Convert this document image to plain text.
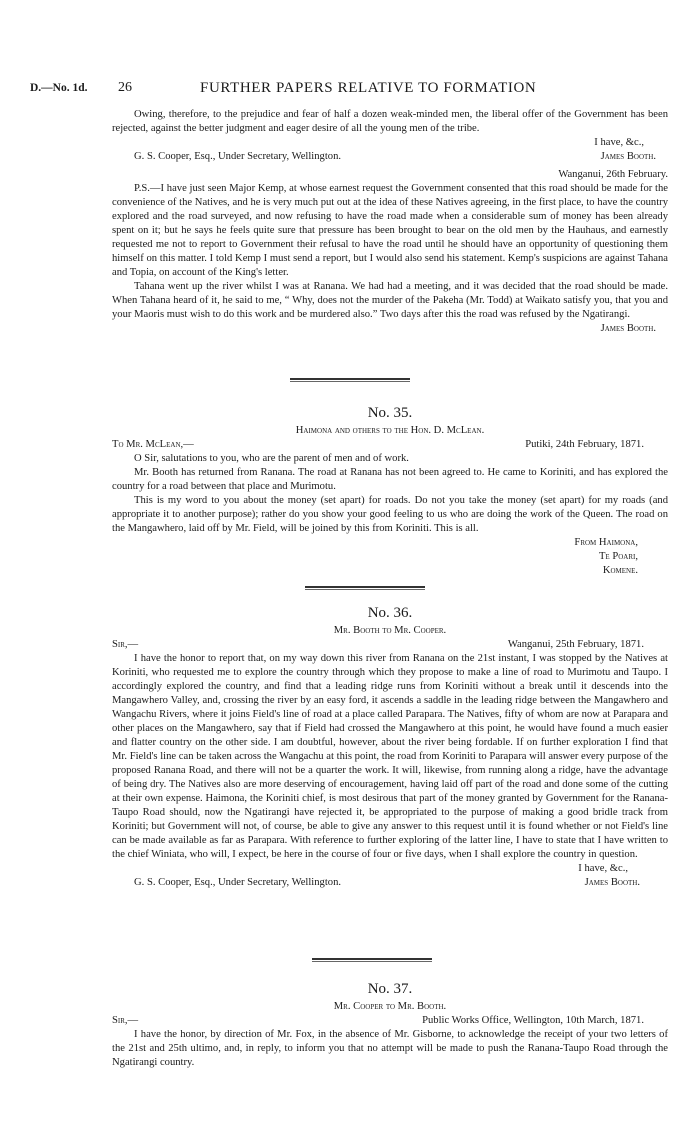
D.—No. 1d. 26	FURTHER PAPERS RELATIVE TO FORMATION

Owing, therefore, to the prejudice and fear of half a dozen weak-minded men, the liberal offer of the Government has been rejected, against the better judgment and eager desire of all the young men of the tribe.

I have, &c.,
G. S. Cooper, Esq., Under Secretary, Wellington.	James Booth.
Wanganui, 26th February.

P.S.—I have just seen Major Kemp, at whose earnest request the Government consented that this road should be made for the convenience of the Natives, and he is very much put out at the idea of these Natives agreeing, in the first place, to have the country explored and the road surveyed, and now refusing to have the road made when a considerable sum of money has been already spent on it; but he says he feels quite sure that pressure has been brought to bear on the old men by the Hauhaus, and earnestly requested me not to report to Government their refusal to have the road until he should have an opportunity of questioning them himself on this matter. I told Kemp I must send a report, but I would also send his statement. Kemp's suspicions are against Tahana and Topia, on account of the King's letter.

Tahana went up the river whilst I was at Ranana. We had had a meeting, and it was decided that the road should be made. When Tahana heard of it, he said to me, “ Why, does not the murder of the Pakeha (Mr. Todd) at Waikato satisfy you, that you and your Maoris must wish to do this work and be murdered also.” Two days after this the road was refused by the Ngatirangi.

James Booth.
No. 35.
Haimona and others to the Hon. D. McLean.
To Mr. McLean,—	Putiki, 24th February, 1871.

O Sir, salutations to you, who are the parent of men and of work.

Mr. Booth has returned from Ranana. The road at Ranana has not been agreed to. He came to Koriniti, and has explored the country for a road between that place and Murimotu.

This is my word to you about the money (set apart) for roads. Do not you take the money (set apart) for my roads (and appropriate it to another purpose); rather do you show your good feeling to us who are doing the work of the Queen. The road on the Mangawhero, laid off by Mr. Field, will be joined by this from Koriniti. This is all.

From Haimona,
Te Poari,
Komene.
No. 36.
Mr. Booth to Mr. Cooper.
Sir,—	Wanganui, 25th February, 1871.

I have the honor to report that, on my way down this river from Ranana on the 21st instant, I was stopped by the Natives at Koriniti, who requested me to explore the country through which they propose to make a line of road to Murimotu and Taupo. I accordingly explored the country, and find that a leading ridge runs from Koriniti without a break until it descends into the Mangawhero Valley, and, crossing the river by an easy ford, it ascends a saddle in the leading ridge between the Mangawhero and Wangachu Rivers, where it joins Field's line of road at a place called Parapara. The Natives, fifty of whom are now at Parapara and other places on the Mangawhero, say that if Field had crossed the Mangawhero at this point, he would have found a much easier and flatter country on the other side. I am doubtful, however, about the river being fordable. If on further exploration I find that Mr. Field's line can be taken across the Wangachu at this point, the road from Koriniti to Parapara will answer every purpose of the proposed Ranana Road, and there will not be a quarter the work. It will, likewise, from running along a ridge, have the advantage of being dry. The Natives also are more deserving of encouragement, having laid off part of the road and done some of the cutting at their own expense. Haimona, the Koriniti chief, is most desirous that part of the money granted by Government for the Ranana-Taupo Road should, now the Ngatirangi have rejected it, be appropriated to the purpose of making a good bridle track from Koriniti; but Government will not, of course, be able to give any answer to this request until it is found whether or not Field's line can be made available as far as Parapara. With reference to further exploring of the latter line, I have to state that I have written to the chief Winiata, who will, I expect, be here in the course of four or five days, when I shall explore the country in question.

I have, &c.,
G. S. Cooper, Esq., Under Secretary, Wellington.	James Booth.
No. 37.
Mr. Cooper to Mr. Booth.
Sir,—	Public Works Office, Wellington, 10th March, 1871.

I have the honor, by direction of Mr. Fox, in the absence of Mr. Gisborne, to acknowledge the receipt of your two letters of the 21st and 25th ultimo, and, in reply, to inform you that no attempt will be made to push the Ranana-Taupo Road through the Ngatirangi country.
